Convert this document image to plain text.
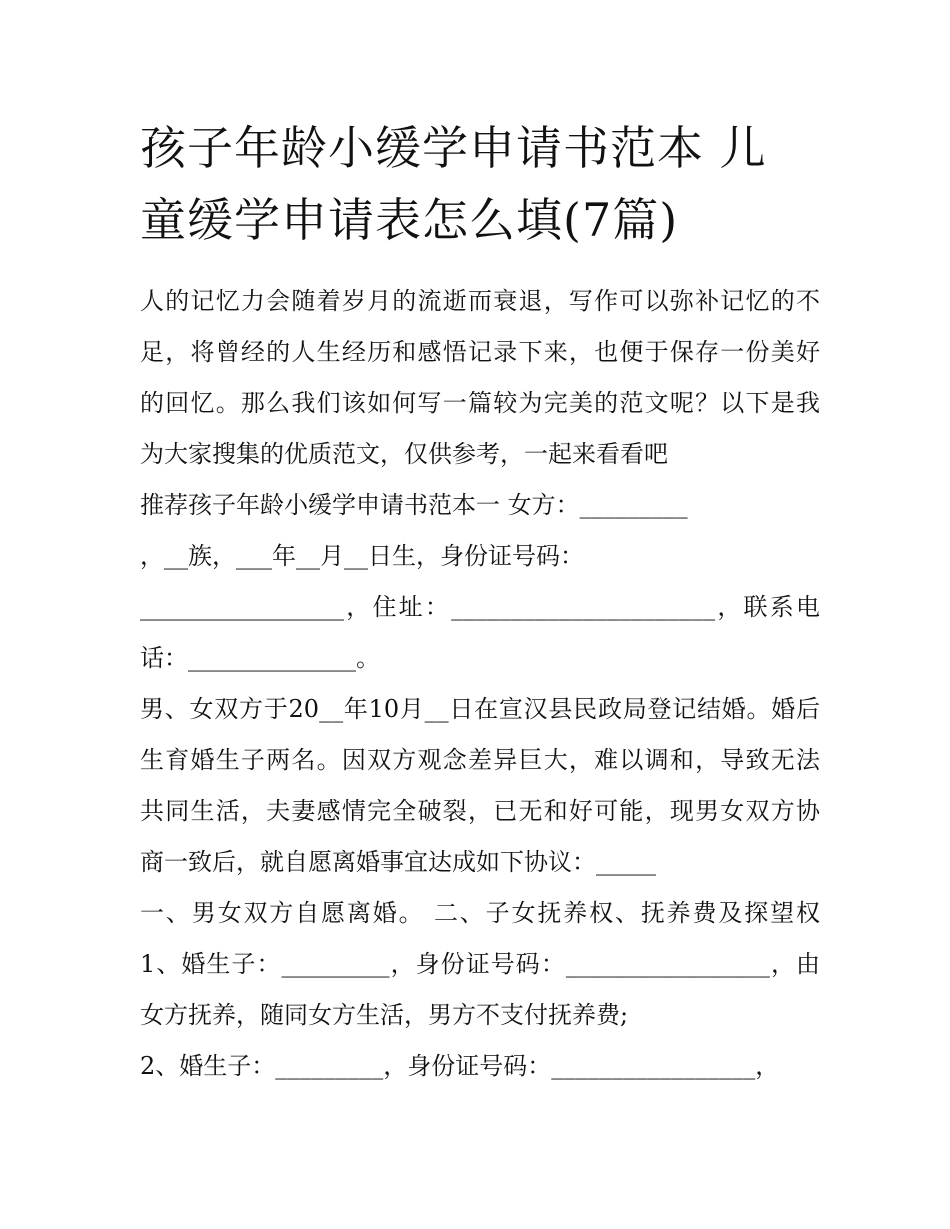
孩子年龄小缓学申请书范本 儿
童缓学申请表怎么填(7篇)
人的记忆力会随着岁月的流逝而衰退，写作可以弥补记忆的不
足，将曾经的人生经历和感悟记录下来，也便于保存一份美好
的回忆。那么我们该如何写一篇较为完美的范文呢？以下是我
为大家搜集的优质范文，仅供参考，一起来看看吧
推荐孩子年龄小缓学申请书范本一 女方：_________
，__族，___年__月__日生，身份证号码：
_________________，住址：______________________，联系电
话：______________。
男、女双方于20__年10月__日在宣汉县民政局登记结婚。婚后
生育婚生子两名。因双方观念差异巨大，难以调和，导致无法
共同生活，夫妻感情完全破裂，已无和好可能，现男女双方协
商一致后，就自愿离婚事宜达成如下协议：_____
一、男女双方自愿离婚。 二、子女抚养权、抚养费及探望权
1、婚生子：_________，身份证号码：_________________，由
女方抚养，随同女方生活，男方不支付抚养费;
2、婚生子：_________，身份证号码：_________________，
